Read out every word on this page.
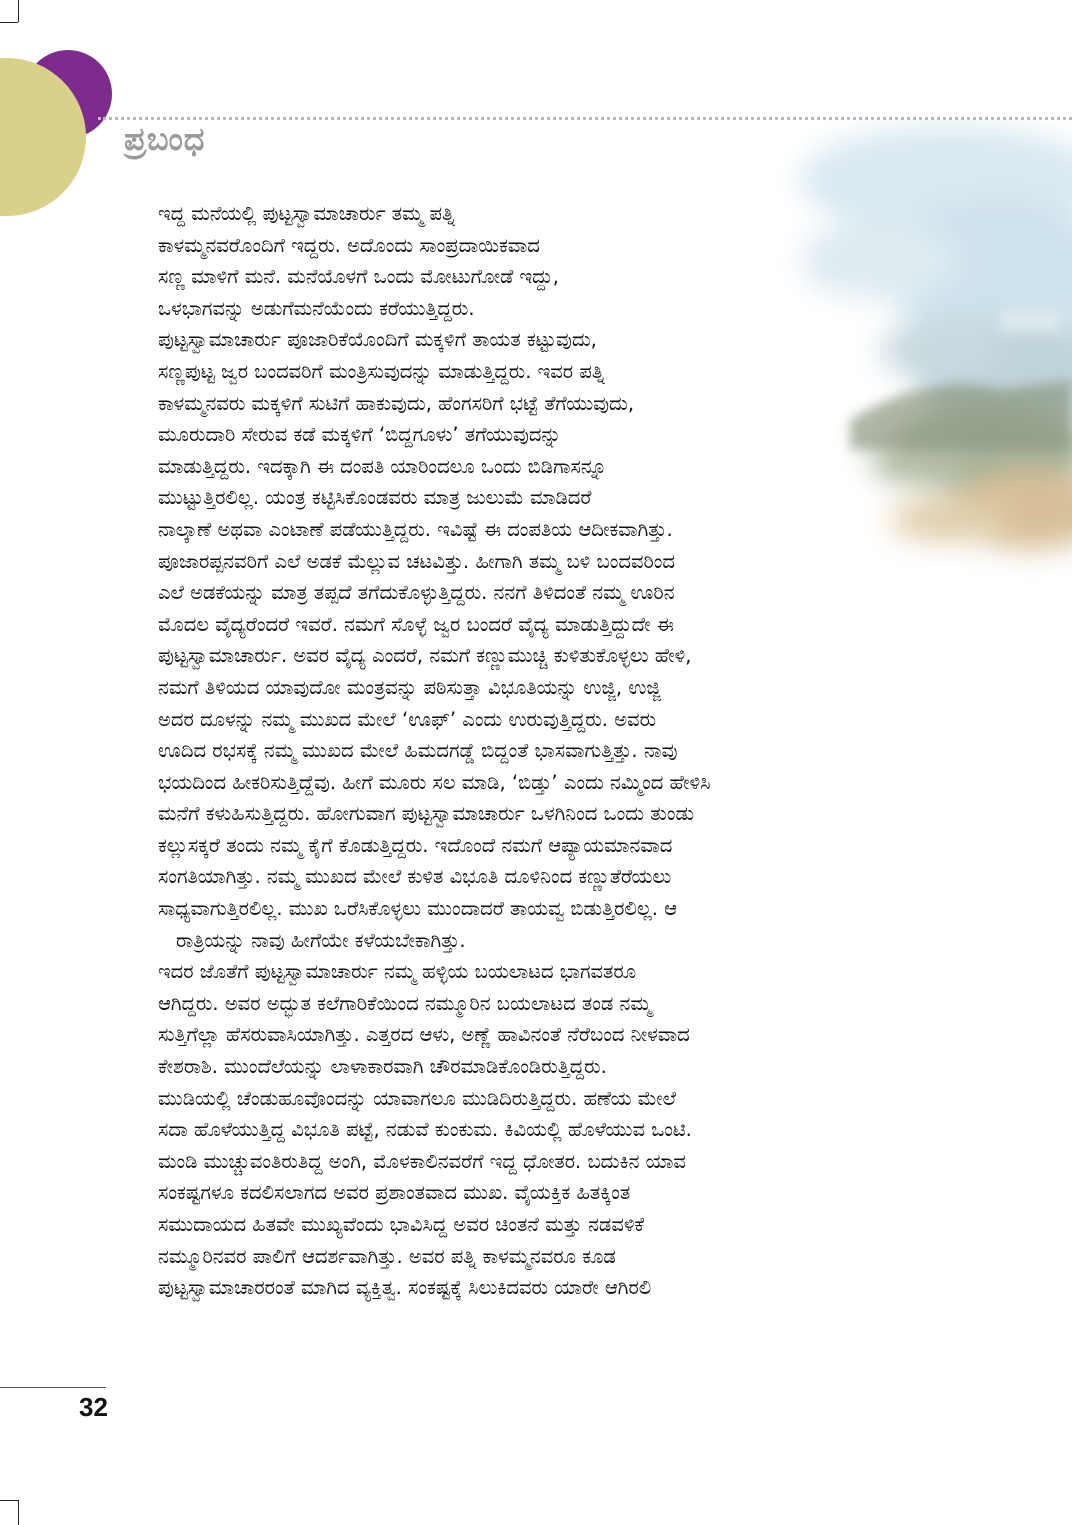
ಪ್ರಬಂಧ
ಇದ್ದ ಮನೆಯಲ್ಲಿ ಪುಟ್ಟಸ್ವಾಮಾಚಾರ್ರು ತಮ್ಮ ಪತ್ನಿ
ಕಾಳಮ್ಮನವರೊಂದಿಗೆ ಇದ್ದರು. ಅದೊಂದು ಸಾಂಪ್ರದಾಯಿಕವಾದ
ಸಣ್ಣ ಮಾಳಿಗೆ ಮನೆ. ಮನೆಯೊಳಗೆ ಒಂದು ಮೋಟುಗೋಡೆ ಇದ್ದು,
ಒಳಭಾಗವನ್ನು ಅಡುಗೆಮನೆಯೆಂದು ಕರೆಯುತ್ತಿದ್ದರು.
ಪುಟ್ಟಸ್ವಾಮಾಚಾರ್ರು ಪೂಜಾರಿಕೆಯೊಂದಿಗೆ ಮಕ್ಕಳಿಗೆ ತಾಯತ ಕಟ್ಟುವುದು,
ಸಣ್ಣಪುಟ್ಟ ಜ್ವರ ಬಂದವರಿಗೆ ಮಂತ್ರಿಸುವುದನ್ನು ಮಾಡುತ್ತಿದ್ದರು. ಇವರ ಪತ್ನಿ
ಕಾಳಮ್ಮನವರು ಮಕ್ಕಳಿಗೆ ಸುಟಿಗೆ ಹಾಕುವುದು, ಹೆಂಗಸರಿಗೆ ಭಟ್ಟೆ ತೆಗೆಯುವುದು,
ಮೂರುದಾರಿ ಸೇರುವ ಕಡೆ ಮಕ್ಕಳಿಗೆ ‘ಬಿದ್ದಗೂಳು’ ತಗೆಯುವುದನ್ನು
ಮಾಡುತ್ತಿದ್ದರು. ಇದಕ್ಕಾಗಿ ಈ ದಂಪತಿ ಯಾರಿಂದಲೂ ಒಂದು ಬಿಡಿಗಾಸನ್ನೂ
ಮುಟ್ಟುತ್ತಿರಲಿಲ್ಲ. ಯಂತ್ರ ಕಟ್ಟಿಸಿಕೊಂಡವರು ಮಾತ್ರ ಜುಲುಮೆ ಮಾಡಿದರೆ
ನಾಲ್ಕಾಣೆ ಅಥವಾ ಎಂಟಾಣೆ ಪಡೆಯುತ್ತಿದ್ದರು. ಇವಿಷ್ಟೆ ಈ ದಂಪತಿಯ ಆದೀಕವಾಗಿತ್ತು.
ಪೂಜಾರಪ್ಪನವರಿಗೆ ಎಲೆ ಅಡಕೆ ಮೆಲ್ಲುವ ಚಟವಿತ್ತು. ಹೀಗಾಗಿ ತಮ್ಮ ಬಳಿ ಬಂದವರಿಂದ
ಎಲೆ ಅಡಕೆಯನ್ನು ಮಾತ್ರ ತಪ್ಪದೆ ತಗೆದುಕೊಳ್ಳುತ್ತಿದ್ದರು. ನನಗೆ ತಿಳಿದಂತೆ ನಮ್ಮ ಊರಿನ
ಮೊದಲ ವೈದ್ಯರೆಂದರೆ ಇವರೆ. ನಮಗೆ ಸೊಳ್ಳೆ ಜ್ವರ ಬಂದರೆ ವೈದ್ಯ ಮಾಡುತ್ತಿದ್ದುದೇ ಈ
ಪುಟ್ಟಸ್ವಾಮಾಚಾರ್ರು. ಅವರ ವೈದ್ಯ ಎಂದರೆ, ನಮಗೆ ಕಣ್ಣುಮುಚ್ಚಿ ಕುಳಿತುಕೊಳ್ಳಲು ಹೇಳಿ,
ನಮಗೆ ತಿಳಿಯದ ಯಾವುದೋ ಮಂತ್ರವನ್ನು ಪಠಿಸುತ್ತಾ ವಿಭೂತಿಯನ್ನು ಉಜ್ಜಿ, ಉಜ್ಜಿ
ಅದರ ದೂಳನ್ನು ನಮ್ಮ ಮುಖದ ಮೇಲೆ ‘ಊಫ್’ ಎಂದು ಉರುವುತ್ತಿದ್ದರು. ಅವರು
ಊದಿದ ರಭಸಕ್ಕೆ ನಮ್ಮ ಮುಖದ ಮೇಲೆ ಹಿಮದಗಡ್ಡೆ ಬಿದ್ದಂತೆ ಭಾಸವಾಗುತ್ತಿತ್ತು. ನಾವು
ಭಯದಿಂದ ಹೀಕರಿಸುತ್ತಿದ್ದೆವು. ಹೀಗೆ ಮೂರು ಸಲ ಮಾಡಿ, ‘ಬಿಡ್ತು’ ಎಂದು ನಮ್ಮಿಂದ ಹೇಳಿಸಿ
ಮನೆಗೆ ಕಳುಹಿಸುತ್ತಿದ್ದರು. ಹೋಗುವಾಗ ಪುಟ್ಟಸ್ವಾಮಾಚಾರ್ರು ಒಳಗಿನಿಂದ ಒಂದು ತುಂಡು
ಕಲ್ಲುಸಕ್ಕರೆ ತಂದು ನಮ್ಮ ಕೈಗೆ ಕೊಡುತ್ತಿದ್ದರು. ಇದೊಂದೆ ನಮಗೆ ಆಪ್ಯಾಯಮಾನವಾದ
ಸಂಗತಿಯಾಗಿತ್ತು. ನಮ್ಮ ಮುಖದ ಮೇಲೆ ಕುಳಿತ ವಿಭೂತಿ ದೂಳಿನಿಂದ ಕಣ್ಣುತೆರೆಯಲು
ಸಾಧ್ಯವಾಗುತ್ತಿರಲಿಲ್ಲ. ಮುಖ ಒರೆಸಿಕೊಳ್ಳಲು ಮುಂದಾದರೆ ತಾಯವ್ವ ಬಿಡುತ್ತಿರಲಿಲ್ಲ. ಆ
ರಾತ್ರಿಯನ್ನು ನಾವು ಹೀಗೆಯೇ ಕಳೆಯಬೇಕಾಗಿತ್ತು.
ಇದರ ಜೊತೆಗೆ ಪುಟ್ಟಸ್ವಾಮಾಚಾರ್ರು ನಮ್ಮ ಹಳ್ಳಿಯ ಬಯಲಾಟದ ಭಾಗವತರೂ
ಆಗಿದ್ದರು. ಅವರ ಅದ್ಭುತ ಕಲೆಗಾರಿಕೆಯಿಂದ ನಮ್ಮೂರಿನ ಬಯಲಾಟದ ತಂಡ ನಮ್ಮ
ಸುತ್ತಿಗೆಲ್ಲಾ ಹೆಸರುವಾಸಿಯಾಗಿತ್ತು. ಎತ್ತರದ ಆಳು, ಅಣ್ಣೆ ಹಾವಿನಂತೆ ನೆರೆಬಂದ ನೀಳವಾದ
ಕೇಶರಾಶಿ. ಮುಂದೆಲೆಯನ್ನು ಲಾಳಾಕಾರವಾಗಿ ಚೌರಮಾಡಿಕೊಂಡಿರುತ್ತಿದ್ದರು.
ಮುಡಿಯಲ್ಲಿ ಚೆಂಡುಹೂವೊಂದನ್ನು ಯಾವಾಗಲೂ ಮುಡಿದಿರುತ್ತಿದ್ದರು. ಹಣೆಯ ಮೇಲೆ
ಸದಾ ಹೊಳೆಯುತ್ತಿದ್ದ ವಿಭೂತಿ ಪಟ್ಟೆ, ನಡುವೆ ಕುಂಕುಮ. ಕಿವಿಯಲ್ಲಿ ಹೊಳೆಯುವ ಒಂಟಿ.
ಮಂಡಿ ಮುಚ್ಚುವಂತಿರುತಿದ್ದ ಅಂಗಿ, ಮೊಳಕಾಲಿನವರೆಗೆ ಇದ್ದ ಧೋತರ. ಬದುಕಿನ ಯಾವ
ಸಂಕಷ್ಟಗಳೂ ಕದಲಿಸಲಾಗದ ಅವರ ಪ್ರಶಾಂತವಾದ ಮುಖ. ವೈಯಕ್ತಿಕ ಹಿತಕ್ಕಿಂತ
ಸಮುದಾಯದ ಹಿತವೇ ಮುಖ್ಯವೆಂದು ಭಾವಿಸಿದ್ದ ಅವರ ಚಿಂತನೆ ಮತ್ತು ನಡವಳಿಕೆ
ನಮ್ಮೂರಿನವರ ಪಾಲಿಗೆ ಆದರ್ಶವಾಗಿತ್ತು. ಅವರ ಪತ್ನಿ ಕಾಳಮ್ಮನವರೂ ಕೂಡ
ಪುಟ್ಟಸ್ವಾಮಾಚಾರರಂತೆ ಮಾಗಿದ ವ್ಯಕ್ತಿತ್ವ. ಸಂಕಷ್ಟಕ್ಕೆ ಸಿಲುಕಿದವರು ಯಾರೇ ಆಗಿರಲಿ
32
